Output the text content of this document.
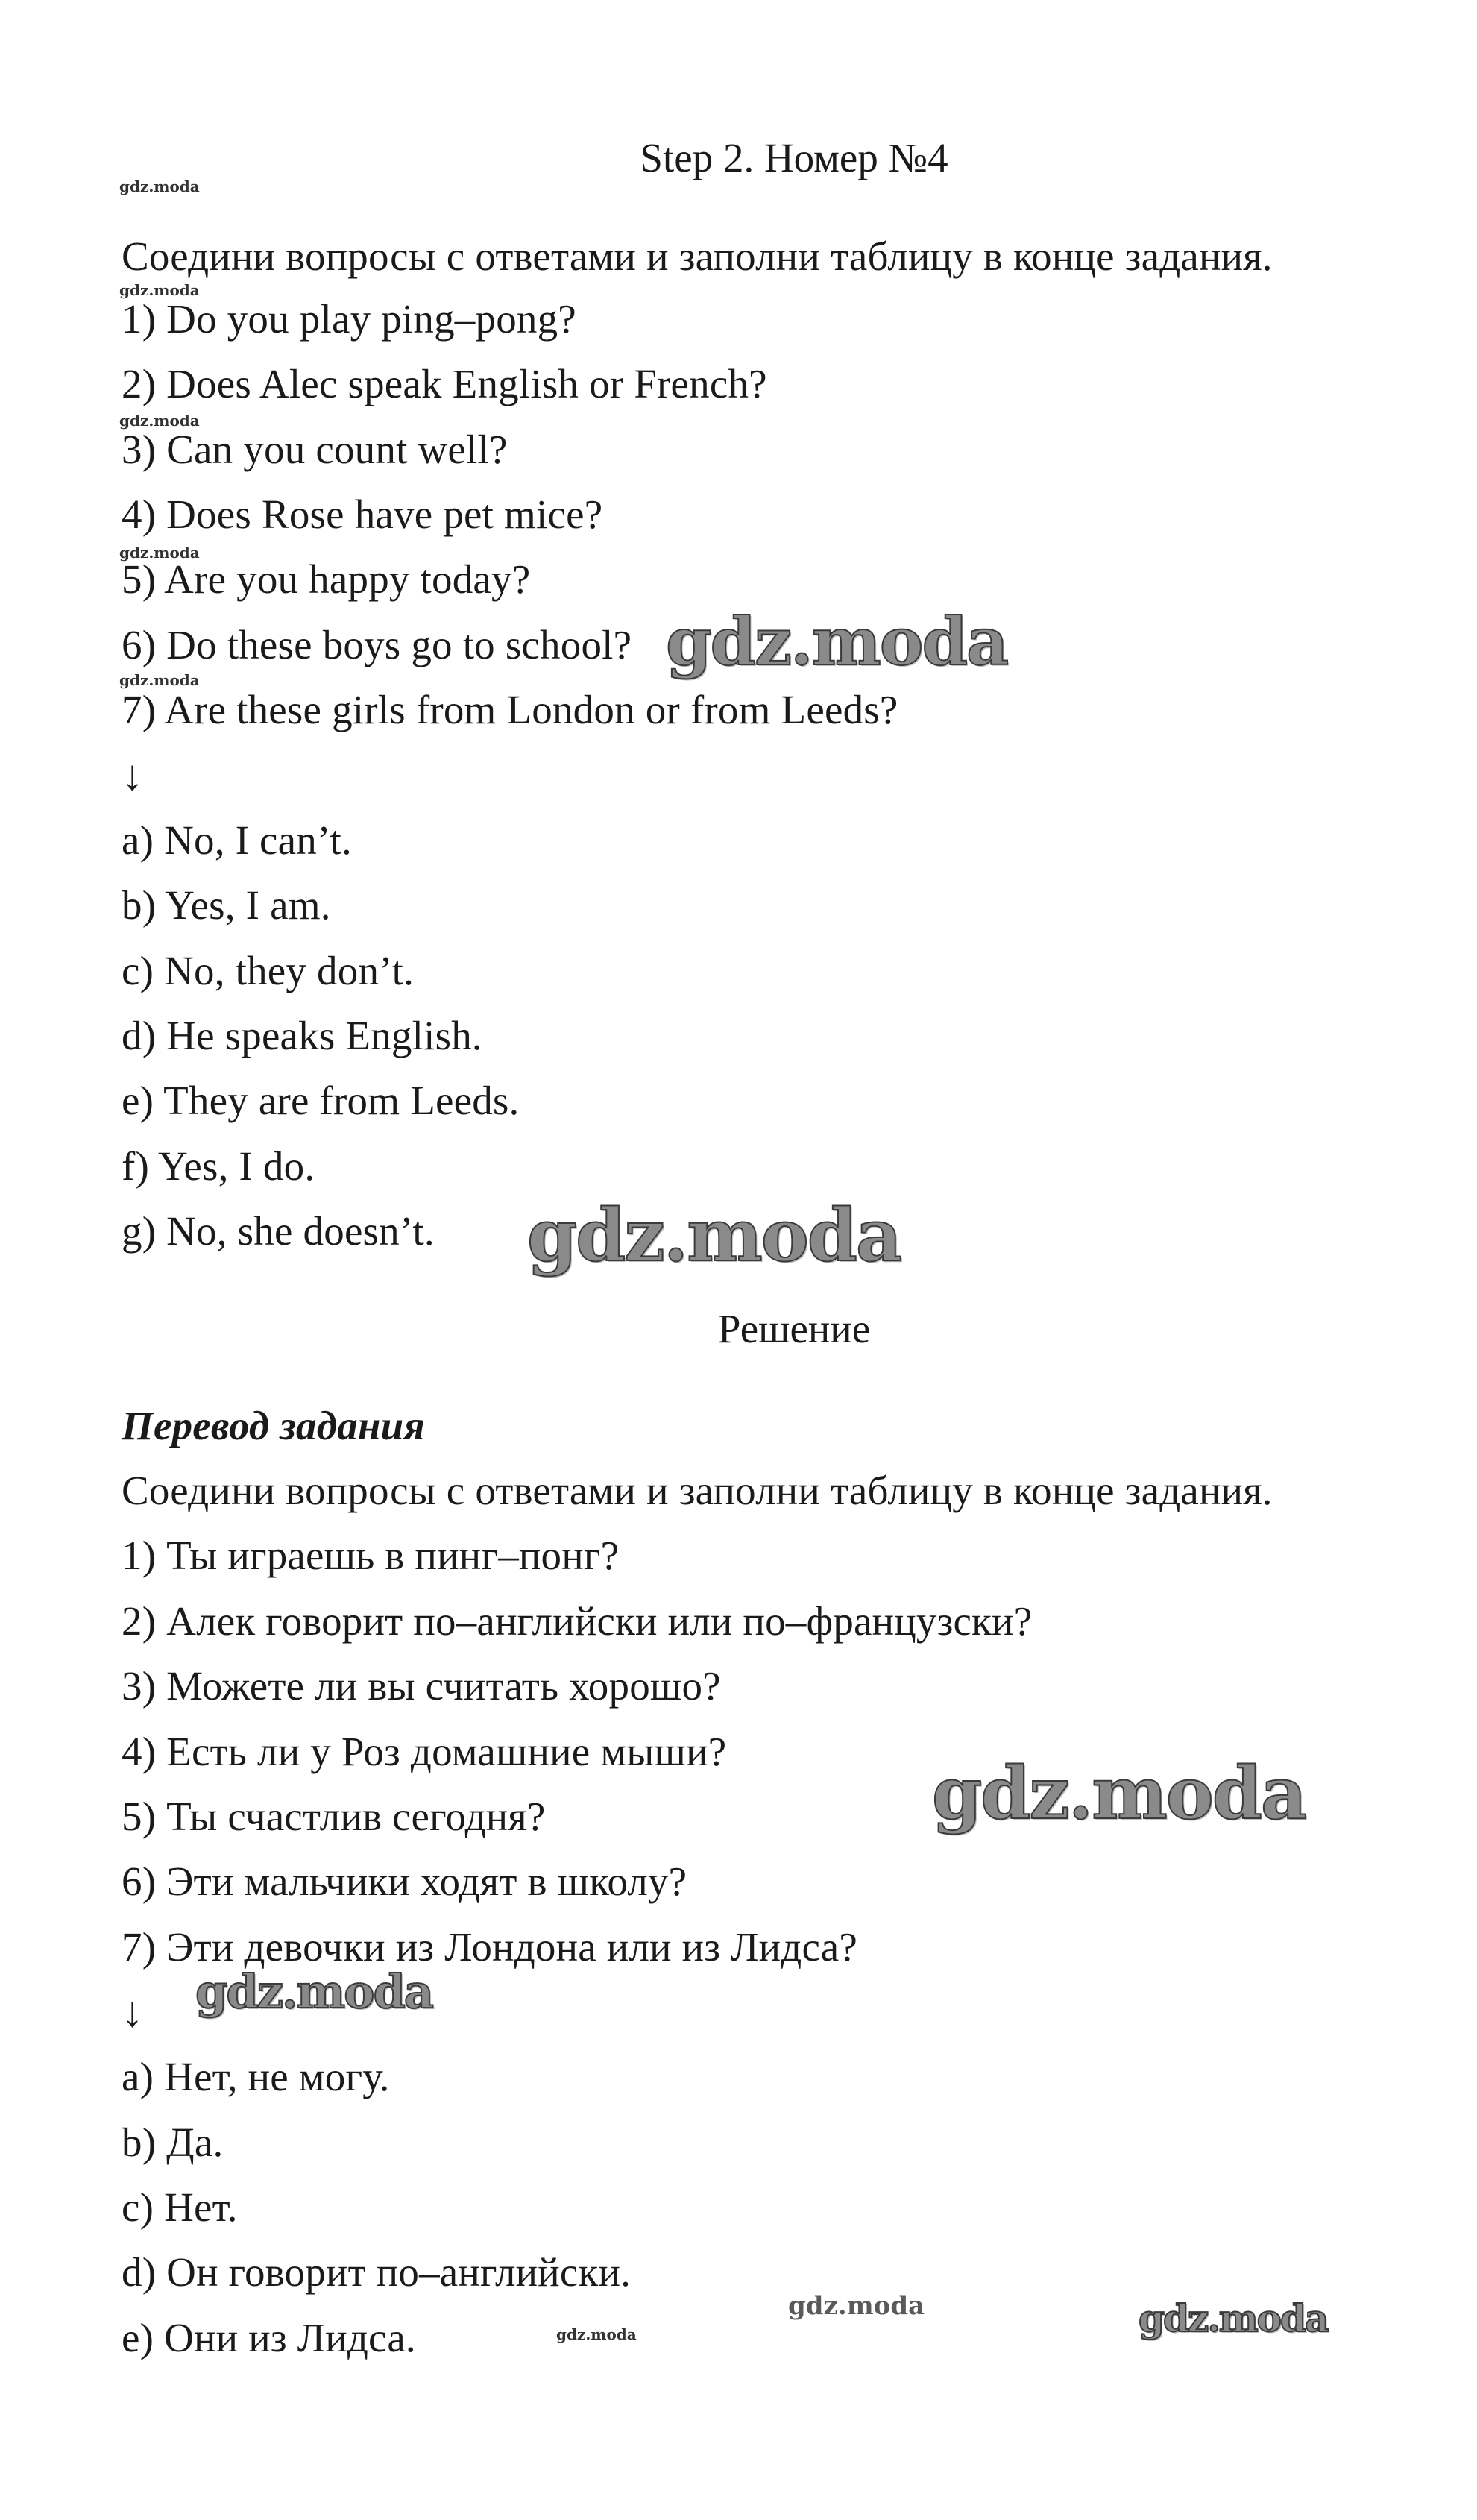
Step 2. Номер №4
Соедини вопросы с ответами и заполни таблицу в конце задания.
1) Do you play ping–pong?
2) Does Alec speak English or French?
3) Can you count well?
4) Does Rose have pet mice?
5) Are you happy today?
6) Do these boys go to school?
7) Are these girls from London or from Leeds?
↓
a) No, I can’t.
b) Yes, I am.
c) No, they don’t.
d) He speaks English.
e) They are from Leeds.
f) Yes, I do.
g) No, she doesn’t.
Решение
Перевод задания
Соедини вопросы с ответами и заполни таблицу в конце задания.
1) Ты играешь в пинг–понг?
2) Алек говорит по–английски или по–французски?
3) Можете ли вы считать хорошо?
4) Есть ли у Роз домашние мыши?
5) Ты счастлив сегодня?
6) Эти мальчики ходят в школу?
7) Эти девочки из Лондона или из Лидса?
↓
a) Нет, не могу.
b) Да.
c) Нет.
d) Он говорит по–английски.
e) Они из Лидса.
gdz.moda
gdz.moda
gdz.moda
gdz.moda
gdz.moda	gdz.moda
gdz.moda
gdz.moda
gdz.moda
gdz.moda
gdz.moda
gdz.moda
